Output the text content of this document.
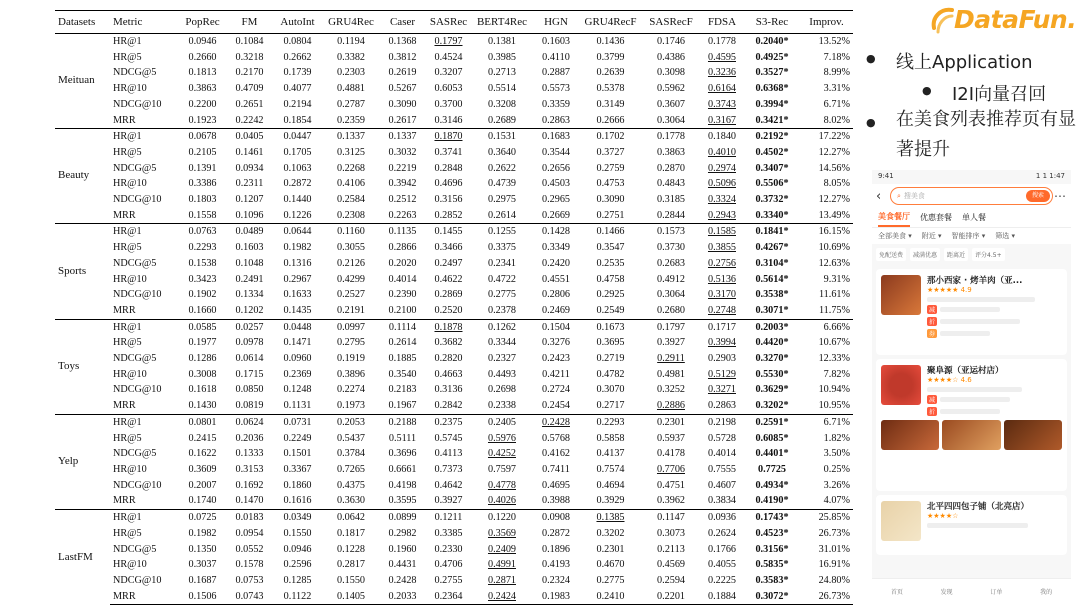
Datasets	Metric	PopRec	FM	AutoInt	GRU4Rec	Caser	SASRec	BERT4Rec	HGN	GRU4RecF	SASRecF	FDSA	S3-Rec	Improv.
Meituan	HR@1	0.0946	0.1084	0.0804	0.1194	0.1368	0.1797	0.1381	0.1603	0.1436	0.1746	0.1778	0.2040*	13.52%
	HR@5	0.2660	0.3218	0.2662	0.3382	0.3812	0.4524	0.3985	0.4110	0.3799	0.4386	0.4595	0.4925*	7.18%
	NDCG@5	0.1813	0.2170	0.1739	0.2303	0.2619	0.3207	0.2713	0.2887	0.2639	0.3098	0.3236	0.3527*	8.99%
	HR@10	0.3863	0.4709	0.4077	0.4881	0.5267	0.6053	0.5514	0.5573	0.5378	0.5962	0.6164	0.6368*	3.31%
	NDCG@10	0.2200	0.2651	0.2194	0.2787	0.3090	0.3700	0.3208	0.3359	0.3149	0.3607	0.3743	0.3994*	6.71%
	MRR	0.1923	0.2242	0.1854	0.2359	0.2617	0.3146	0.2689	0.2863	0.2666	0.3064	0.3167	0.3421*	8.02%
Beauty	HR@1	0.0678	0.0405	0.0447	0.1337	0.1337	0.1870	0.1531	0.1683	0.1702	0.1778	0.1840	0.2192*	17.22%
	HR@5	0.2105	0.1461	0.1705	0.3125	0.3032	0.3741	0.3640	0.3544	0.3727	0.3863	0.4010	0.4502*	12.27%
	NDCG@5	0.1391	0.0934	0.1063	0.2268	0.2219	0.2848	0.2622	0.2656	0.2759	0.2870	0.2974	0.3407*	14.56%
	HR@10	0.3386	0.2311	0.2872	0.4106	0.3942	0.4696	0.4739	0.4503	0.4753	0.4843	0.5096	0.5506*	8.05%
	NDCG@10	0.1803	0.1207	0.1440	0.2584	0.2512	0.3156	0.2975	0.2965	0.3090	0.3185	0.3324	0.3732*	12.27%
	MRR	0.1558	0.1096	0.1226	0.2308	0.2263	0.2852	0.2614	0.2669	0.2751	0.2844	0.2943	0.3340*	13.49%
Sports	HR@1	0.0763	0.0489	0.0644	0.1160	0.1135	0.1455	0.1255	0.1428	0.1466	0.1573	0.1585	0.1841*	16.15%
	HR@5	0.2293	0.1603	0.1982	0.3055	0.2866	0.3466	0.3375	0.3349	0.3547	0.3730	0.3855	0.4267*	10.69%
	NDCG@5	0.1538	0.1048	0.1316	0.2126	0.2020	0.2497	0.2341	0.2420	0.2535	0.2683	0.2756	0.3104*	12.63%
	HR@10	0.3423	0.2491	0.2967	0.4299	0.4014	0.4622	0.4722	0.4551	0.4758	0.4912	0.5136	0.5614*	9.31%
	NDCG@10	0.1902	0.1334	0.1633	0.2527	0.2390	0.2869	0.2775	0.2806	0.2925	0.3064	0.3170	0.3538*	11.61%
	MRR	0.1660	0.1202	0.1435	0.2191	0.2100	0.2520	0.2378	0.2469	0.2549	0.2680	0.2748	0.3071*	11.75%
Toys	HR@1	0.0585	0.0257	0.0448	0.0997	0.1114	0.1878	0.1262	0.1504	0.1673	0.1797	0.1717	0.2003*	6.66%
	HR@5	0.1977	0.0978	0.1471	0.2795	0.2614	0.3682	0.3344	0.3276	0.3695	0.3927	0.3994	0.4420*	10.67%
	NDCG@5	0.1286	0.0614	0.0960	0.1919	0.1885	0.2820	0.2327	0.2423	0.2719	0.2911	0.2903	0.3270*	12.33%
	HR@10	0.3008	0.1715	0.2369	0.3896	0.3540	0.4663	0.4493	0.4211	0.4782	0.4981	0.5129	0.5530*	7.82%
	NDCG@10	0.1618	0.0850	0.1248	0.2274	0.2183	0.3136	0.2698	0.2724	0.3070	0.3252	0.3271	0.3629*	10.94%
	MRR	0.1430	0.0819	0.1131	0.1973	0.1967	0.2842	0.2338	0.2454	0.2717	0.2886	0.2863	0.3202*	10.95%
Yelp	HR@1	0.0801	0.0624	0.0731	0.2053	0.2188	0.2375	0.2405	0.2428	0.2293	0.2301	0.2198	0.2591*	6.71%
	HR@5	0.2415	0.2036	0.2249	0.5437	0.5111	0.5745	0.5976	0.5768	0.5858	0.5937	0.5728	0.6085*	1.82%
	NDCG@5	0.1622	0.1333	0.1501	0.3784	0.3696	0.4113	0.4252	0.4162	0.4137	0.4178	0.4014	0.4401*	3.50%
	HR@10	0.3609	0.3153	0.3367	0.7265	0.6661	0.7373	0.7597	0.7411	0.7574	0.7706	0.7555	0.7725	0.25%
	NDCG@10	0.2007	0.1692	0.1860	0.4375	0.4198	0.4642	0.4778	0.4695	0.4694	0.4751	0.4607	0.4934*	3.26%
	MRR	0.1740	0.1470	0.1616	0.3630	0.3595	0.3927	0.4026	0.3988	0.3929	0.3962	0.3834	0.4190*	4.07%
LastFM	HR@1	0.0725	0.0183	0.0349	0.0642	0.0899	0.1211	0.1220	0.0908	0.1385	0.1147	0.0936	0.1743*	25.85%
	HR@5	0.1982	0.0954	0.1550	0.1817	0.2982	0.3385	0.3569	0.2872	0.3202	0.3073	0.2624	0.4523*	26.73%
	NDCG@5	0.1350	0.0552	0.0946	0.1228	0.1960	0.2330	0.2409	0.1896	0.2301	0.2113	0.1766	0.3156*	31.01%
	HR@10	0.3037	0.1578	0.2596	0.2817	0.4431	0.4706	0.4991	0.4193	0.4670	0.4569	0.4055	0.5835*	16.91%
	NDCG@10	0.1687	0.0753	0.1285	0.1550	0.2428	0.2755	0.2871	0.2324	0.2775	0.2594	0.2225	0.3583*	24.80%
	MRR	0.1506	0.0743	0.1122	0.1405	0.2033	0.2364	0.2424	0.1983	0.2410	0.2201	0.1884	0.3072*	26.73%
DataFun.
● 线上Application
● I2I向量召回
● 在美食列表推荐页有显著提升
9:41	1 1 1:47
‹	⌕ 搜美食	搜索 ⋯
美食餐厅 优惠套餐 单人餐
全部美食 ▾ 附近 ▾ 智能排序 ▾ 筛选 ▾
免配送费	减满优惠	距离近	评分4.5+
那小西家 · 烤羊肉（亚...
★★★★★ 4.9
减
折
券
聚阜源（亚运村店）
★★★★☆ 4.6
减
折
北平四四包子铺（北亮店）
★★★★☆
首页	发现	订单	我的
